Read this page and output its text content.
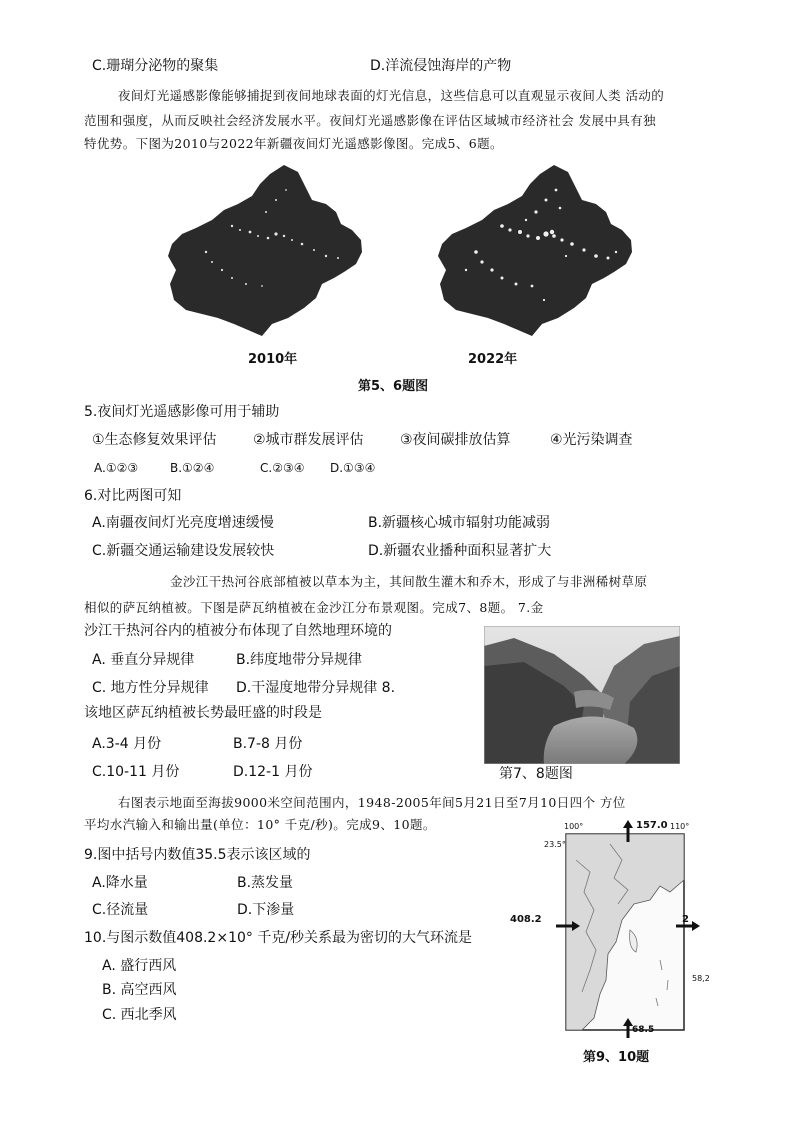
C.珊瑚分泌物的聚集	D.洋流侵蚀海岸的产物
夜间灯光遥感影像能够捕捉到夜间地球表面的灯光信息，这些信息可以直观显示夜间人类 活动的
范围和强度，从而反映社会经济发展水平。夜间灯光遥感影像在评估区域城市经济社会 发展中具有独
特优势。下图为2010与2022年新疆夜间灯光遥感影像图。完成5、6题。
2010年	2022年
第5、6题图
5.夜间灯光遥感影像可用于辅助
①生态修复效果评估	②城市群发展评估	③夜间碳排放估算	④光污染调查
A.①②③	B.①②④	C.②③④ D.①③④
6.对比两图可知
A.南疆夜间灯光亮度增速缓慢	B.新疆核心城市辐射功能减弱
C.新疆交通运输建设发展较快	D.新疆农业播种面积显著扩大
金沙江干热河谷底部植被以草本为主，其间散生灌木和乔木，形成了与非洲稀树草原
相似的萨瓦纳植被。下图是萨瓦纳植被在金沙江分布景观图。完成7、8题。 7.金
沙江干热河谷内的植被分布体现了自然地理环境的
A. 垂直分异规律	B.纬度地带分异规律
C. 地方性分异规律 D.干湿度地带分异规律 8.
该地区萨瓦纳植被长势最旺盛的时段是
A.3-4 月份	B.7-8 月份
C.10-11 月份	D.12-1 月份	第7、8题图
右图表示地面至海拔9000米空间范围内，1948-2005年间5月21日至7月10日四个 方位
平均水汽输入和输出量(单位：10° 千克/秒)。完成9、10题。
9.图中括号内数值35.5表示该区域的
A.降水量	B.蒸发量
C.径流量	D.下渗量
10.与图示数值408.2×10° 千克/秒关系最为密切的大气环流是
A. 盛行西风
B. 高空西风
C. 西北季风
100°	110°
23.5°
157.0
408.2	2
58,2
68.5
第9、10题
